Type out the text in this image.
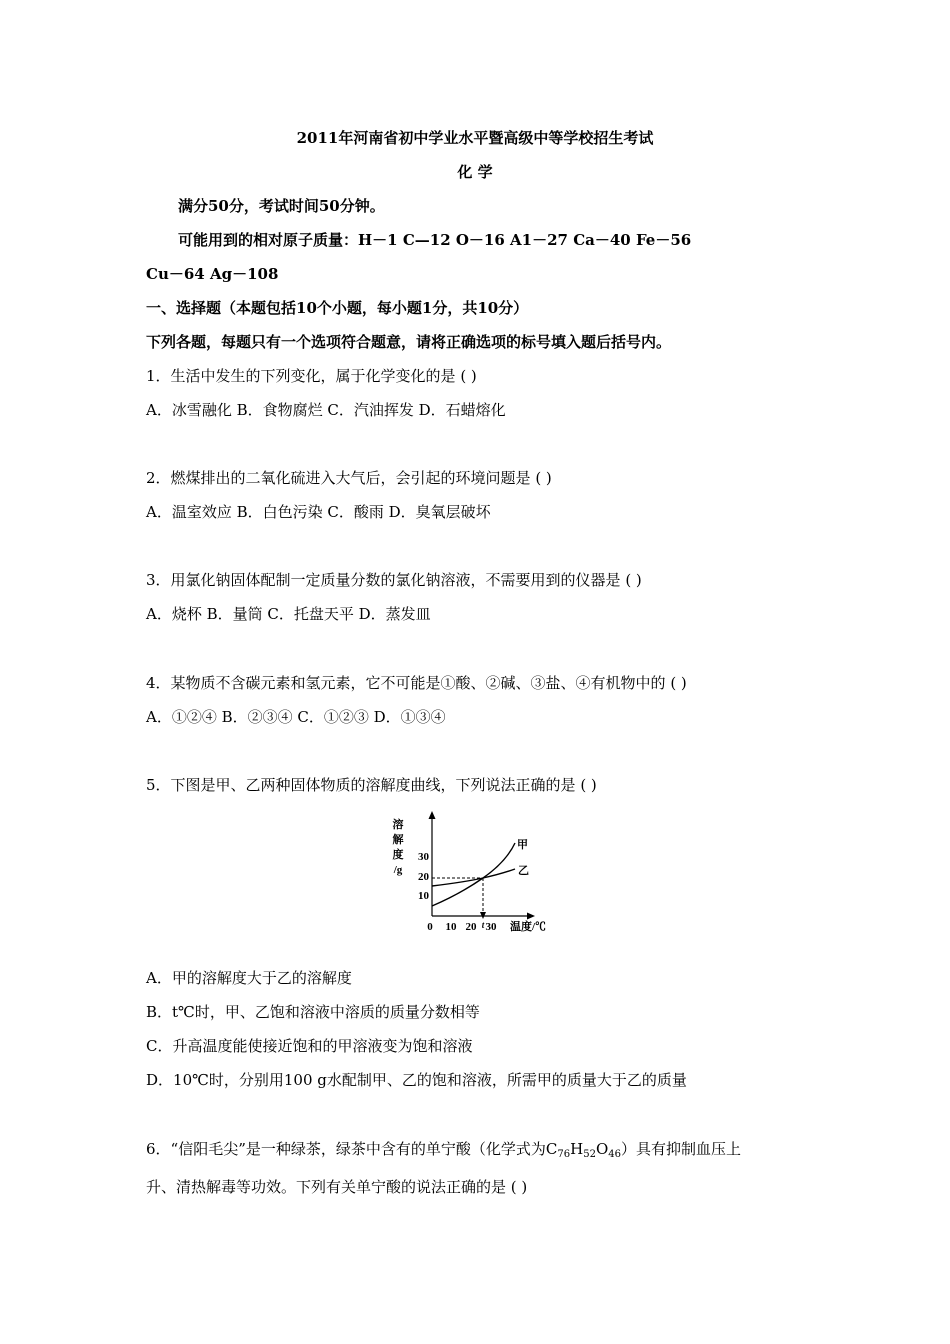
2011年河南省初中学业水平暨高级中等学校招生考试
化 学
满分50分，考试时间50分钟。
可能用到的相对原子质量：H－1 C—12 O－16 A1－27 Ca－40 Fe－56
Cu－64 Ag－108
一、选择题（本题包括10个小题，每小题1分，共10分）
下列各题，每题只有一个选项符合题意，请将正确选项的标号填入题后括号内。
1．生活中发生的下列变化，属于化学变化的是 ( )
A．冰雪融化 B．食物腐烂 C．汽油挥发 D．石蜡熔化
2．燃煤排出的二氧化硫进入大气后，会引起的环境问题是 ( )
A．温室效应 B．白色污染 C．酸雨 D．臭氧层破坏
3．用氯化钠固体配制一定质量分数的氯化钠溶液，不需要用到的仪器是 ( )
A．烧杯 B．量筒 C．托盘天平 D．蒸发皿
4．某物质不含碳元素和氢元素，它不可能是①酸、②碱、③盐、④有机物中的 ( )
A．①②④ B．②③④ C．①②③ D．①③④
5．下图是甲、乙两种固体物质的溶解度曲线，下列说法正确的是 ( )
溶
解
度
/g
30
20
10
0 10 20 t 30 温度/℃
甲
乙
A．甲的溶解度大于乙的溶解度
B．t℃时，甲、乙饱和溶液中溶质的质量分数相等
C．升高温度能使接近饱和的甲溶液变为饱和溶液
D．10℃时，分别用100 g水配制甲、乙的饱和溶液，所需甲的质量大于乙的质量
6．“信阳毛尖”是一种绿茶，绿茶中含有的单宁酸（化学式为$C_{76}H_{52}O_{46}$）具有抑制血压上
升、清热解毒等功效。下列有关单宁酸的说法正确的是 ( )
